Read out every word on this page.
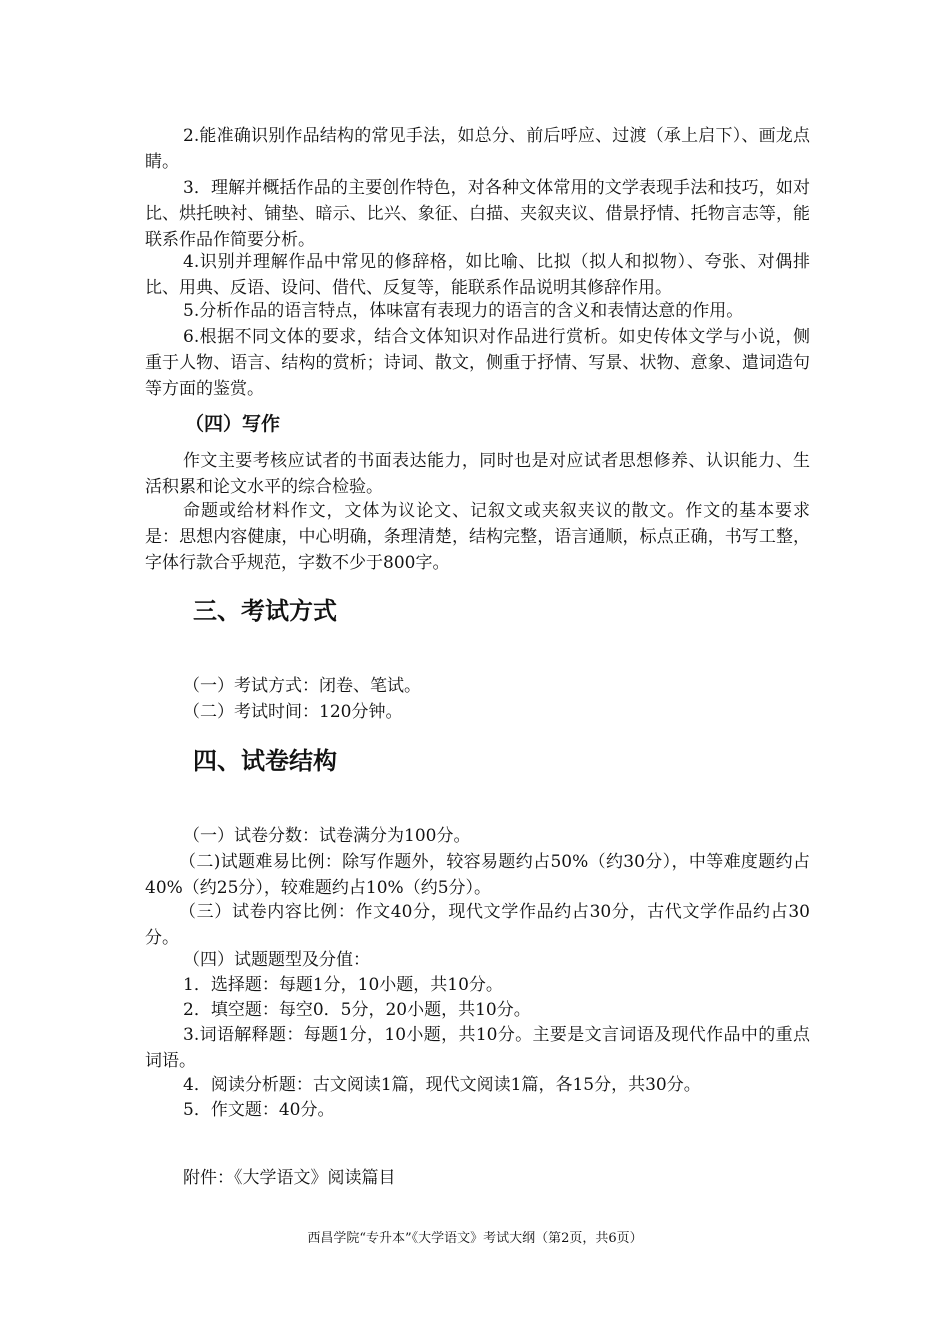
2.能准确识别作品结构的常见手法，如总分、前后呼应、过渡（承上启下）、画龙点睛。

3．理解并概括作品的主要创作特色，对各种文体常用的文学表现手法和技巧，如对比、烘托映衬、铺垫、暗示、比兴、象征、白描、夹叙夹议、借景抒情、托物言志等，能联系作品作简要分析。

4.识别并理解作品中常见的修辞格，如比喻、比拟（拟人和拟物）、夸张、对偶排比、用典、反语、设问、借代、反复等，能联系作品说明其修辞作用。

5.分析作品的语言特点，体味富有表现力的语言的含义和表情达意的作用。

6.根据不同文体的要求，结合文体知识对作品进行赏析。如史传体文学与小说，侧重于人物、语言、结构的赏析；诗词、散文，侧重于抒情、写景、状物、意象、遣词造句等方面的鉴赏。

（四）写作

作文主要考核应试者的书面表达能力，同时也是对应试者思想修养、认识能力、生活积累和论文水平的综合检验。

命题或给材料作文，文体为议论文、记叙文或夹叙夹议的散文。作文的基本要求是：思想内容健康，中心明确，条理清楚，结构完整，语言通顺，标点正确，书写工整，字体行款合乎规范，字数不少于800字。

三、考试方式

（一）考试方式：闭卷、笔试。

（二）考试时间：120分钟。

四、试卷结构

（一）试卷分数：试卷满分为100分。

（二)试题难易比例：除写作题外，较容易题约占50%（约30分），中等难度题约占40%（约25分），较难题约占10%（约5分）。

（三）试卷内容比例：作文40分，现代文学作品约占30分，古代文学作品约占30分。

（四）试题题型及分值：

1．选择题：每题1分，10小题，共10分。

2．填空题：每空0．5分，20小题，共10分。

3.词语解释题：每题1分，10小题，共10分。主要是文言词语及现代作品中的重点词语。

4．阅读分析题：古文阅读1篇，现代文阅读1篇，各15分，共30分。

5．作文题：40分。

附件：《大学语文》阅读篇目

西昌学院“专升本”《大学语文》考试大纲（第2页，共6页）
